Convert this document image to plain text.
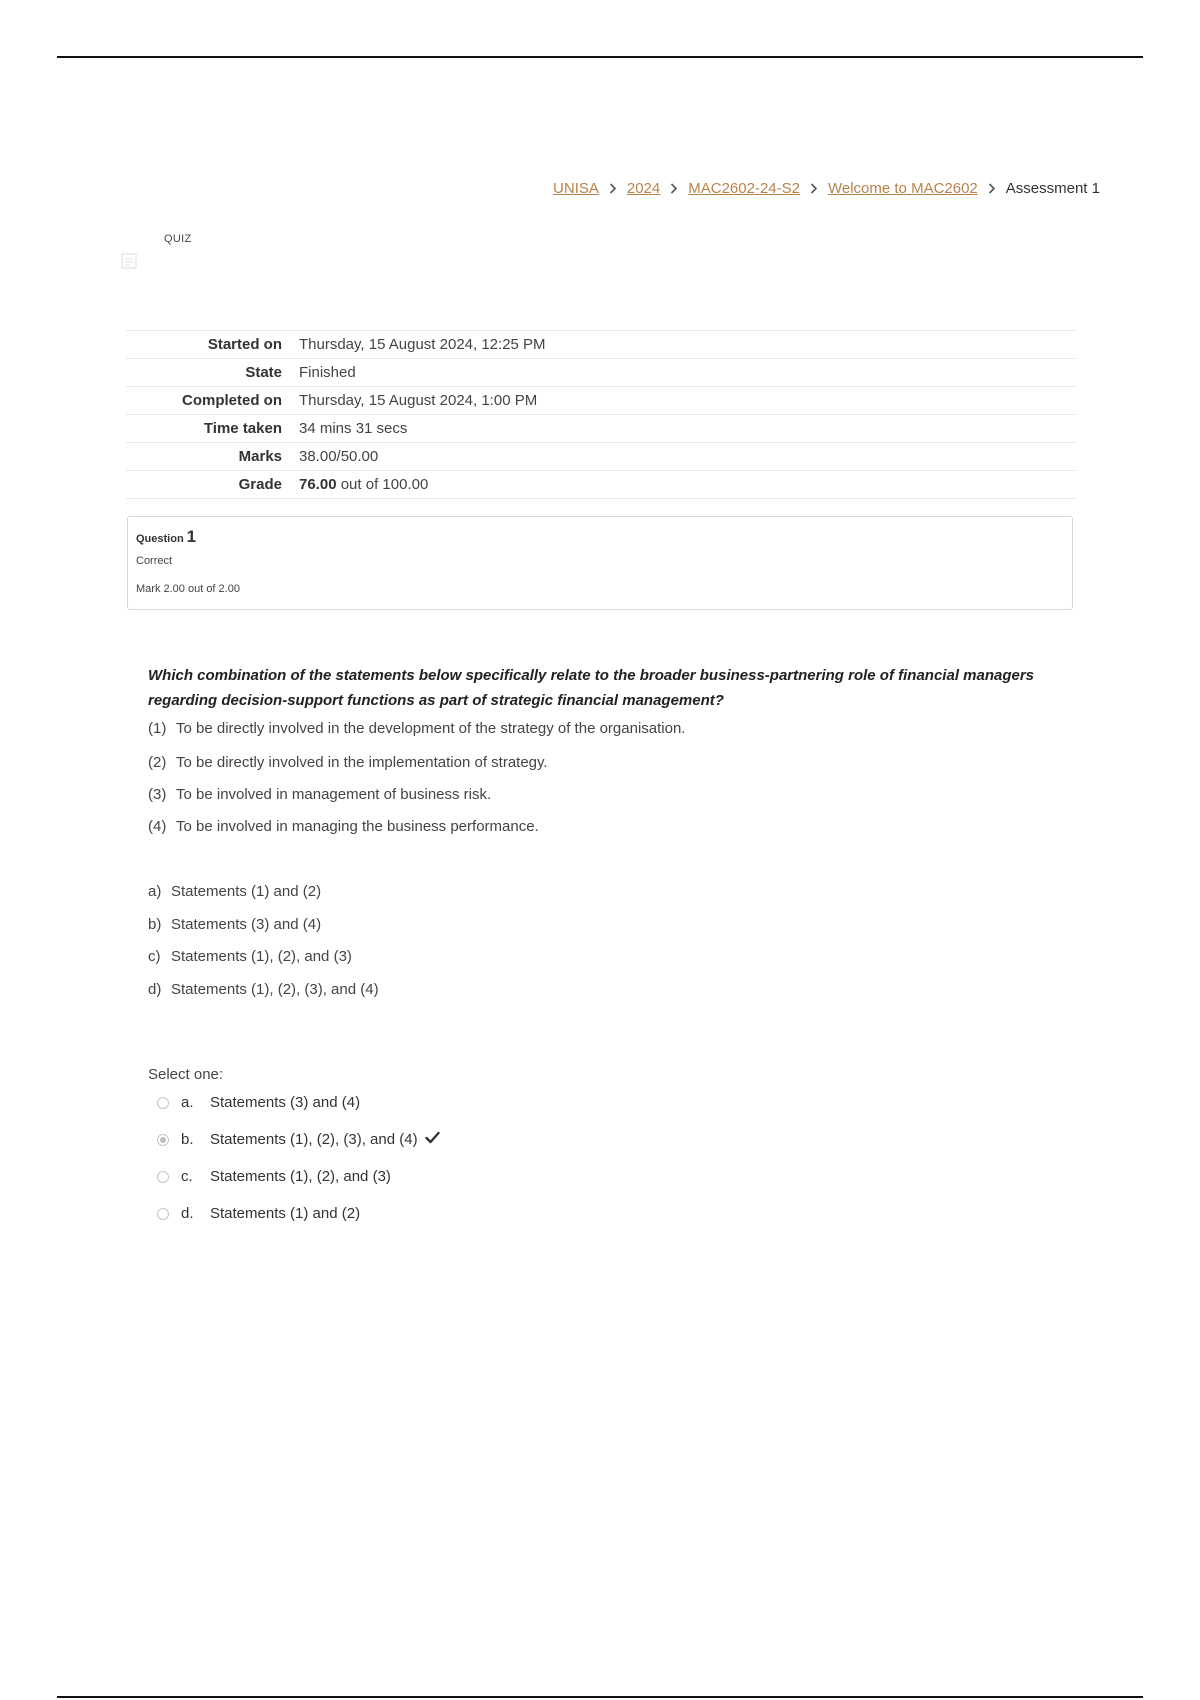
UNISA 2024 MAC2602-24-S2 Welcome to MAC2602 Assessment 1
QUIZ
Started on	Thursday, 15 August 2024, 12:25 PM
State	Finished
Completed on	Thursday, 15 August 2024, 1:00 PM
Time taken	34 mins 31 secs
Marks	38.00/50.00
Grade	76.00 out of 100.00
Question 1
Correct
Mark 2.00 out of 2.00
Which combination of the statements below specifically relate to the broader business-partnering role of financial managers regarding decision-support functions as part of strategic financial management?
(1) To be directly involved in the development of the strategy of the organisation.
(2) To be directly involved in the implementation of strategy.
(3) To be involved in management of business risk.
(4) To be involved in managing the business performance.
a) Statements (1) and (2)
b) Statements (3) and (4)
c) Statements (1), (2), and (3)
d) Statements (1), (2), (3), and (4)
Select one:
a.	Statements (3) and (4)
b.	Statements (1), (2), (3), and (4)
c.	Statements (1), (2), and (3)
d.	Statements (1) and (2)
